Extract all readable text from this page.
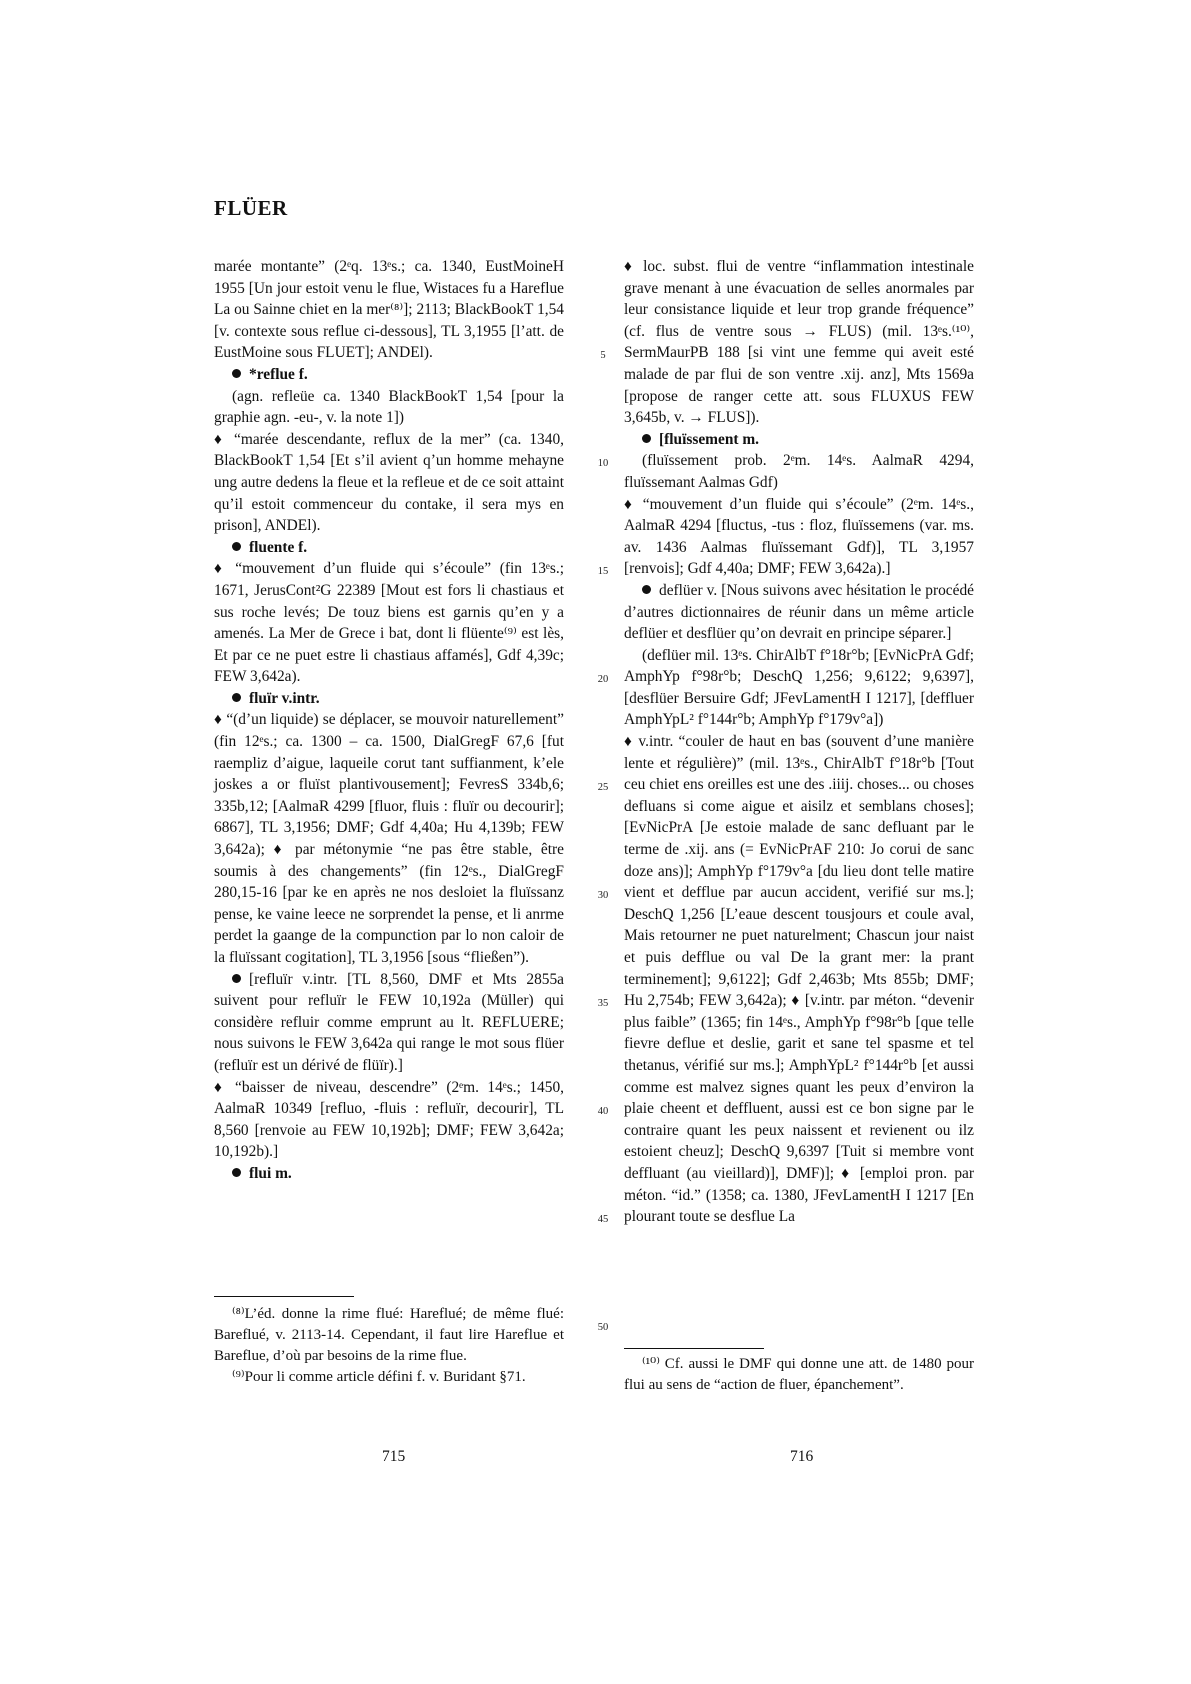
FLÜER

marée montante” (2ᵉq. 13ᵉs.; ca. 1340, EustMoineH 1955 [Un jour estoit venu le flue, Wistaces fu a Hareflue La ou Sainne chiet en la mer⁽⁸⁾]; 2113; BlackBookT 1,54 [v. contexte sous reflue ci-dessous], TL 3,1955 [l’att. de EustMoine sous FLUET]; ANDEl).

*reflue f.

(agn. refleüe ca. 1340 BlackBookT 1,54 [pour la graphie agn. -eu-, v. la note 1])

♦ “marée descendante, reflux de la mer” (ca. 1340, BlackBookT 1,54 [Et s’il avient q’un homme mehayne ung autre dedens la fleue et la refleue et de ce soit attaint qu’il estoit commenceur du contake, il sera mys en prison], ANDEl).

fluente f.

♦ “mouvement d’un fluide qui s’écoule” (fin 13ᵉs.; 1671, JerusCont²G 22389 [Mout est fors li chastiaus et sus roche levés; De touz biens est garnis qu’en y a amenés. La Mer de Grece i bat, dont li flüente⁽⁹⁾ est lès, Et par ce ne puet estre li chastiaus affamés], Gdf 4,39c; FEW 3,642a).

fluïr v.intr.

♦ “(d’un liquide) se déplacer, se mouvoir naturellement” (fin 12ᵉs.; ca. 1300 – ca. 1500, DialGregF 67,6 [fut raempliz d’aigue, laqueile corut tant suffianment, k’ele joskes a or fluïst plantivousement]; FevresS 334b,6; 335b,12; [AalmaR 4299 [fluor, fluis : fluïr ou decourir]; 6867], TL 3,1956; DMF; Gdf 4,40a; Hu 4,139b; FEW 3,642a); ♦ par métonymie “ne pas être stable, être soumis à des changements” (fin 12ᵉs., DialGregF 280,15-16 [par ke en après ne nos desloiet la fluïssanz pense, ke vaine leece ne sorprendet la pense, et li anrme perdet la gaange de la compunction par lo non caloir de la fluïssant cogitation], TL 3,1956 [sous “fließen”).

[refluïr v.intr. [TL 8,560, DMF et Mts 2855a suivent pour refluïr le FEW 10,192a (Müller) qui considère refluir comme emprunt au lt. REFLUERE; nous suivons le FEW 3,642a qui range le mot sous flüer (refluïr est un dérivé de flüïr).]

♦ “baisser de niveau, descendre” (2ᵉm. 14ᵉs.; 1450, AalmaR 10349 [refluo, -fluis : refluïr, decourir], TL 8,560 [renvoie au FEW 10,192b]; DMF; FEW 3,642a; 10,192b).]

flui m.

⁽⁸⁾L’éd. donne la rime flué: Hareflué; de même flué: Bareflué, v. 2113-14. Cependant, il faut lire Hareflue et Bareflue, d’où par besoins de la rime flue.

⁽⁹⁾Pour li comme article défini f. v. Buridant §71.

5
10
15
20
25
30
35
40
45
50

♦ loc. subst. flui de ventre “inflammation intestinale grave menant à une évacuation de selles anormales par leur consistance liquide et leur trop grande fréquence” (cf. flus de ventre sous → FLUS) (mil. 13ᵉs.⁽¹⁰⁾, SermMaurPB 188 [si vint une femme qui aveit esté malade de par flui de son ventre .xij. anz], Mts 1569a [propose de ranger cette att. sous FLUXUS FEW 3,645b, v. → FLUS]).

[fluïssement m.

(fluïssement prob. 2ᵉm. 14ᵉs. AalmaR 4294, fluïssemant Aalmas Gdf)

♦ “mouvement d’un fluide qui s’écoule” (2ᵉm. 14ᵉs., AalmaR 4294 [fluctus, -tus : floz, fluïssemens (var. ms. av. 1436 Aalmas fluïssemant Gdf)], TL 3,1957 [renvois]; Gdf 4,40a; DMF; FEW 3,642a).]

deflüer v. [Nous suivons avec hésitation le procédé d’autres dictionnaires de réunir dans un même article deflüer et desflüer qu’on devrait en principe séparer.]

(deflüer mil. 13ᵉs. ChirAlbT f°18r°b; [EvNicPrA Gdf; AmphYp f°98r°b; DeschQ 1,256; 9,6122; 9,6397], [desflüer Bersuire Gdf; JFevLamentH I 1217], [deffluer AmphYpL² f°144r°b; AmphYp f°179v°a])

♦ v.intr. “couler de haut en bas (souvent d’une manière lente et régulière)” (mil. 13ᵉs., ChirAlbT f°18r°b [Tout ceu chiet ens oreilles est une des .iiij. choses... ou choses defluans si come aigue et aisilz et semblans choses]; [EvNicPrA [Je estoie malade de sanc defluant par le terme de .xij. ans (= EvNicPrAF 210: Jo corui de sanc doze ans)]; AmphYp f°179v°a [du lieu dont telle matire vient et defflue par aucun accident, verifié sur ms.]; DeschQ 1,256 [L’eaue descent tousjours et coule aval, Mais retourner ne puet naturelment; Chascun jour naist et puis defflue ou val De la grant mer: la prant terminement]; 9,6122]; Gdf 2,463b; Mts 855b; DMF; Hu 2,754b; FEW 3,642a); ♦ [v.intr. par méton. “devenir plus faible” (1365; fin 14ᵉs., AmphYp f°98r°b [que telle fievre deflue et deslie, garit et sane tel spasme et tel thetanus, vérifié sur ms.]; AmphYpL² f°144r°b [et aussi comme est malvez signes quant les peux d’environ la plaie cheent et deffluent, aussi est ce bon signe par le contraire quant les peux naissent et revienent ou ilz estoient cheuz]; DeschQ 9,6397 [Tuit si membre vont deffluant (au vieillard)], DMF)]; ♦ [emploi pron. par méton. “id.” (1358; ca. 1380, JFevLamentH I 1217 [En plourant toute se desflue La

⁽¹⁰⁾ Cf. aussi le DMF qui donne une att. de 1480 pour flui au sens de “action de fluer, épanchement”.

715	716
